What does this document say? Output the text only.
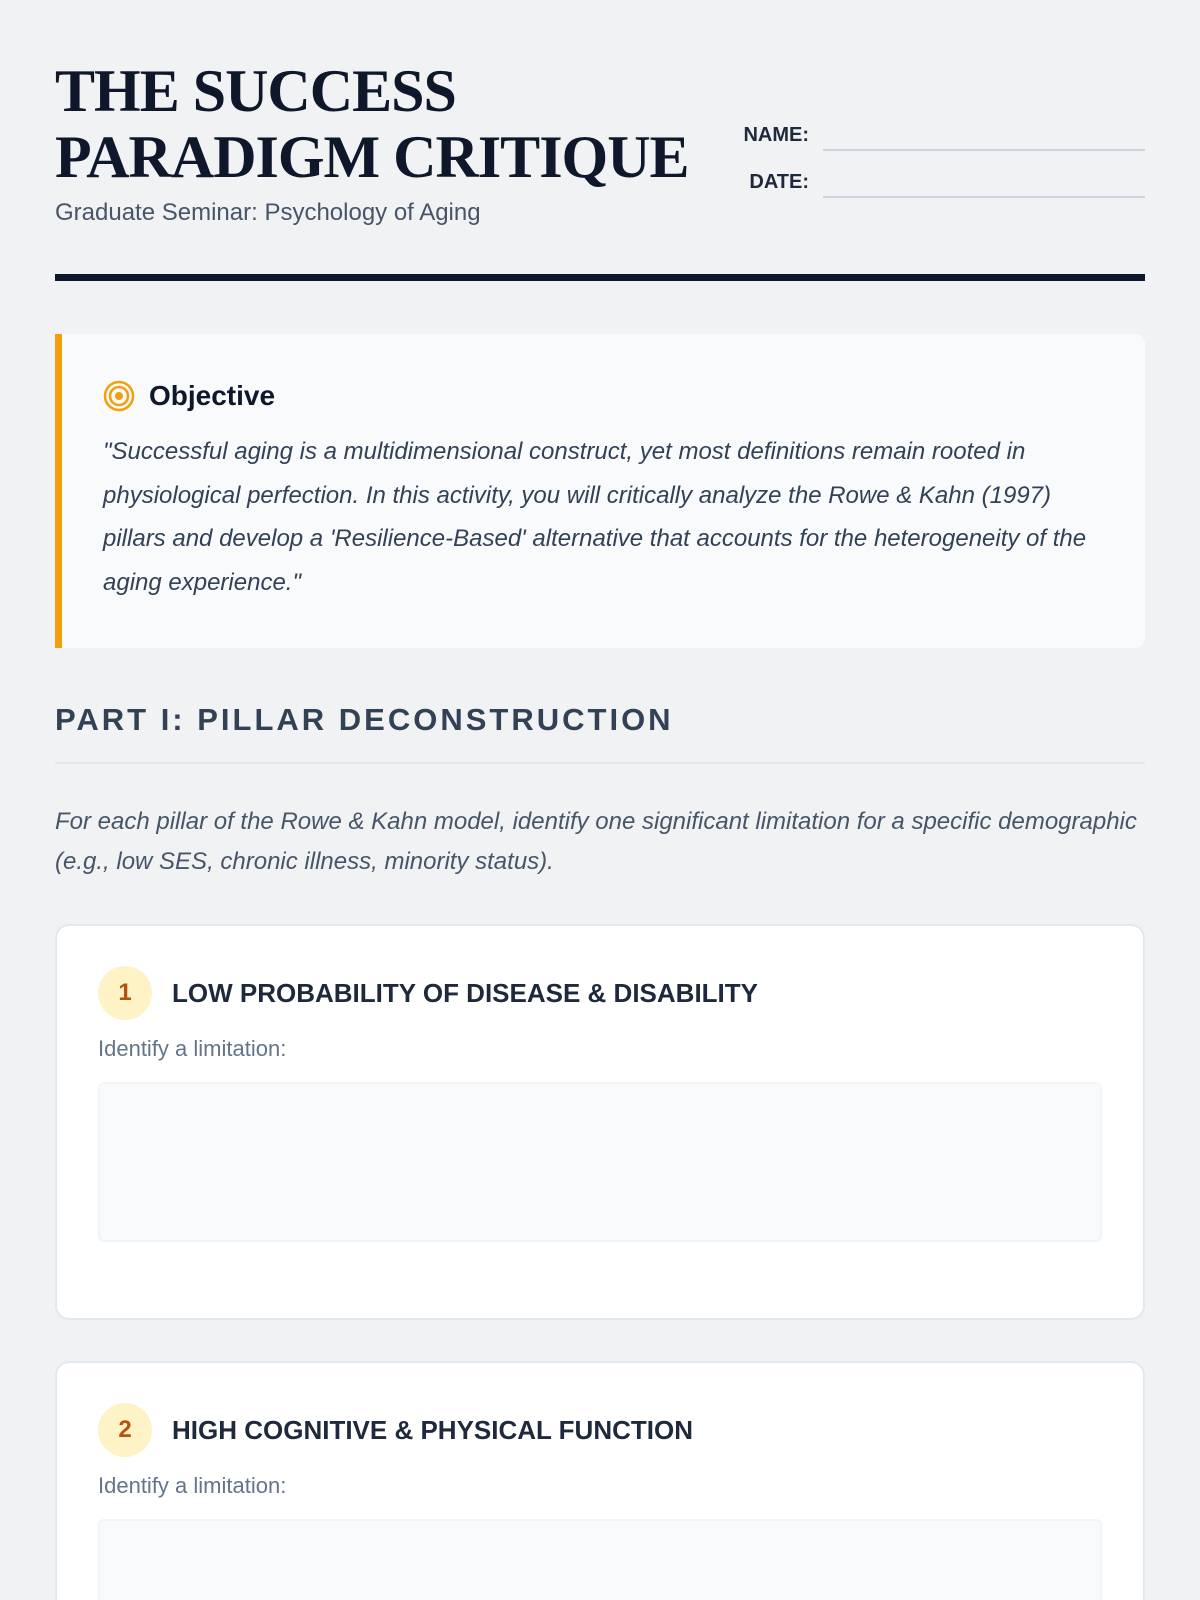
THE SUCCESS PARADIGM CRITIQUE
Graduate Seminar: Psychology of Aging
NAME:
DATE:
Objective

"Successful aging is a multidimensional construct, yet most definitions remain rooted in physiological perfection. In this activity, you will critically analyze the Rowe & Kahn (1997) pillars and develop a 'Resilience-Based' alternative that accounts for the heterogeneity of the aging experience."

PART I: PILLAR DECONSTRUCTION

For each pillar of the Rowe & Kahn model, identify one significant limitation for a specific demographic (e.g., low SES, chronic illness, minority status).

1	LOW PROBABILITY OF DISEASE & DISABILITY
Identify a limitation:
2	HIGH COGNITIVE & PHYSICAL FUNCTION
Identify a limitation:
